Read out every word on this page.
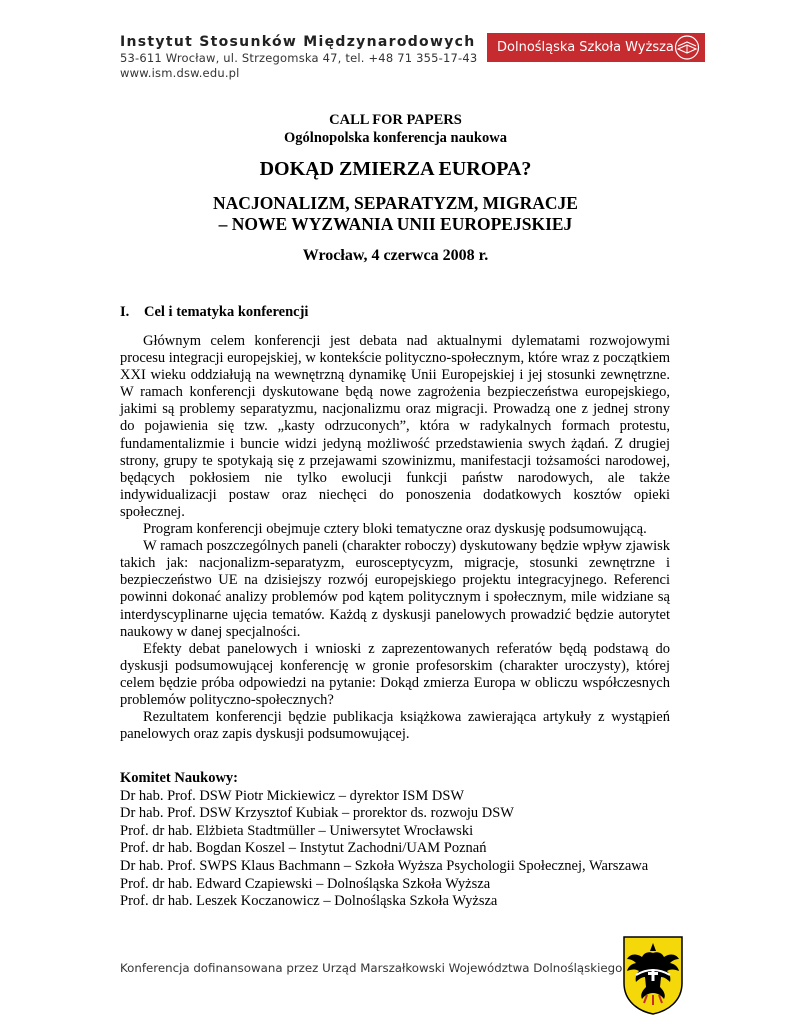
Instytut Stosunków Międzynarodowych
53-611 Wrocław, ul. Strzegomska 47, tel. +48 71 355-17-43
www.ism.dsw.edu.pl
Dolnośląska Szkoła Wyższa
CALL FOR PAPERS
Ogólnopolska konferencja naukowa
DOKĄD ZMIERZA EUROPA?
NACJONALIZM, SEPARATYZM, MIGRACJE
– NOWE WYZWANIA UNII EUROPEJSKIEJ
Wrocław, 4 czerwca 2008 r.
I. Cel i tematyka konferencji

Głównym celem konferencji jest debata nad aktualnymi dylematami rozwojowymi procesu integracji europejskiej, w kontekście polityczno-społecznym, które wraz z początkiem XXI wieku oddziałują na wewnętrzną dynamikę Unii Europejskiej i jej stosunki zewnętrzne. W ramach konferencji dyskutowane będą nowe zagrożenia bezpieczeństwa europejskiego, jakimi są problemy separatyzmu, nacjonalizmu oraz migracji. Prowadzą one z jednej strony do pojawienia się tzw. „kasty odrzuconych”, która w radykalnych formach protestu, fundamentalizmie i buncie widzi jedyną możliwość przedstawienia swych żądań. Z drugiej strony, grupy te spotykają się z przejawami szowinizmu, manifestacji tożsamości narodowej, będących pokłosiem nie tylko ewolucji funkcji państw narodowych, ale także indywidualizacji postaw oraz niechęci do ponoszenia dodatkowych kosztów opieki społecznej.

Program konferencji obejmuje cztery bloki tematyczne oraz dyskusję podsumowującą.

W ramach poszczególnych paneli (charakter roboczy) dyskutowany będzie wpływ zjawisk takich jak: nacjonalizm-separatyzm, eurosceptycyzm, migracje, stosunki zewnętrzne i bezpieczeństwo UE na dzisiejszy rozwój europejskiego projektu integracyjnego. Referenci powinni dokonać analizy problemów pod kątem politycznym i społecznym, mile widziane są interdyscyplinarne ujęcia tematów. Każdą z dyskusji panelowych prowadzić będzie autorytet naukowy w danej specjalności.

Efekty debat panelowych i wnioski z zaprezentowanych referatów będą podstawą do dyskusji podsumowującej konferencję w gronie profesorskim (charakter uroczysty), której celem będzie próba odpowiedzi na pytanie: Dokąd zmierza Europa w obliczu współczesnych problemów polityczno-społecznych?

Rezultatem konferencji będzie publikacja książkowa zawierająca artykuły z wystąpień panelowych oraz zapis dyskusji podsumowującej.

Komitet Naukowy:
Dr hab. Prof. DSW Piotr Mickiewicz – dyrektor ISM DSW
Dr hab. Prof. DSW Krzysztof Kubiak – prorektor ds. rozwoju DSW
Prof. dr hab. Elżbieta Stadtmüller – Uniwersytet Wrocławski
Prof. dr hab. Bogdan Koszel – Instytut Zachodni/UAM Poznań
Dr hab. Prof. SWPS Klaus Bachmann – Szkoła Wyższa Psychologii Społecznej, Warszawa
Prof. dr hab. Edward Czapiewski – Dolnośląska Szkoła Wyższa
Prof. dr hab. Leszek Koczanowicz – Dolnośląska Szkoła Wyższa
Konferencja dofinansowana przez Urząd Marszałkowski Województwa Dolnośląskiego
